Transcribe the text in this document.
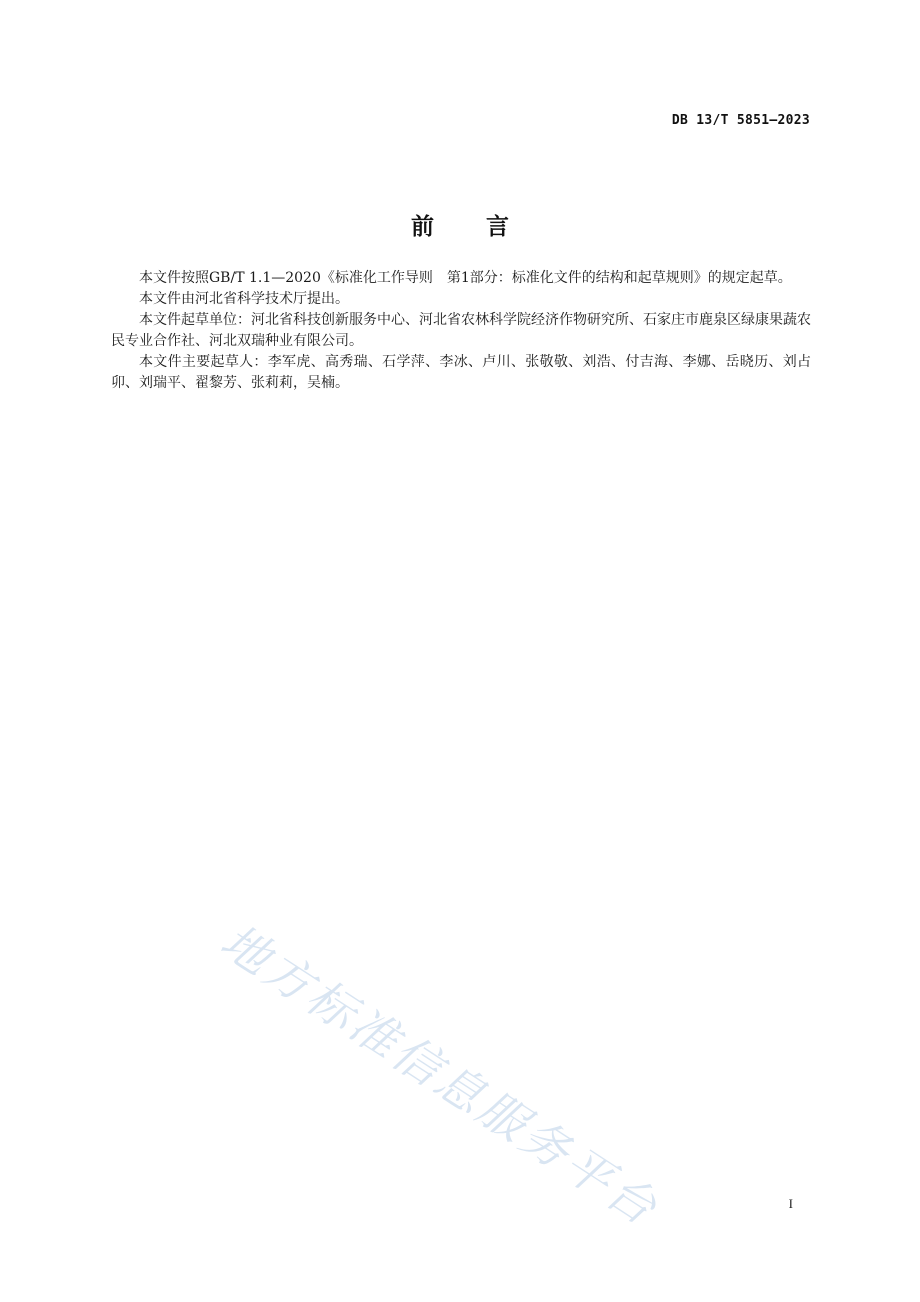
DB 13/T 5851—2023
前 言

本文件按照GB/T 1.1—2020《标准化工作导则　第1部分：标准化文件的结构和起草规则》的规定起草。

本文件由河北省科学技术厅提出。

本文件起草单位：河北省科技创新服务中心、河北省农林科学院经济作物研究所、石家庄市鹿泉区绿康果蔬农民专业合作社、河北双瑞种业有限公司。

本文件主要起草人：李军虎、高秀瑞、石学萍、李冰、卢川、张敬敬、刘浩、付吉海、李娜、岳晓历、刘占卯、刘瑞平、翟黎芳、张莉莉，吴楠。

地方标准信息服务平台	I
